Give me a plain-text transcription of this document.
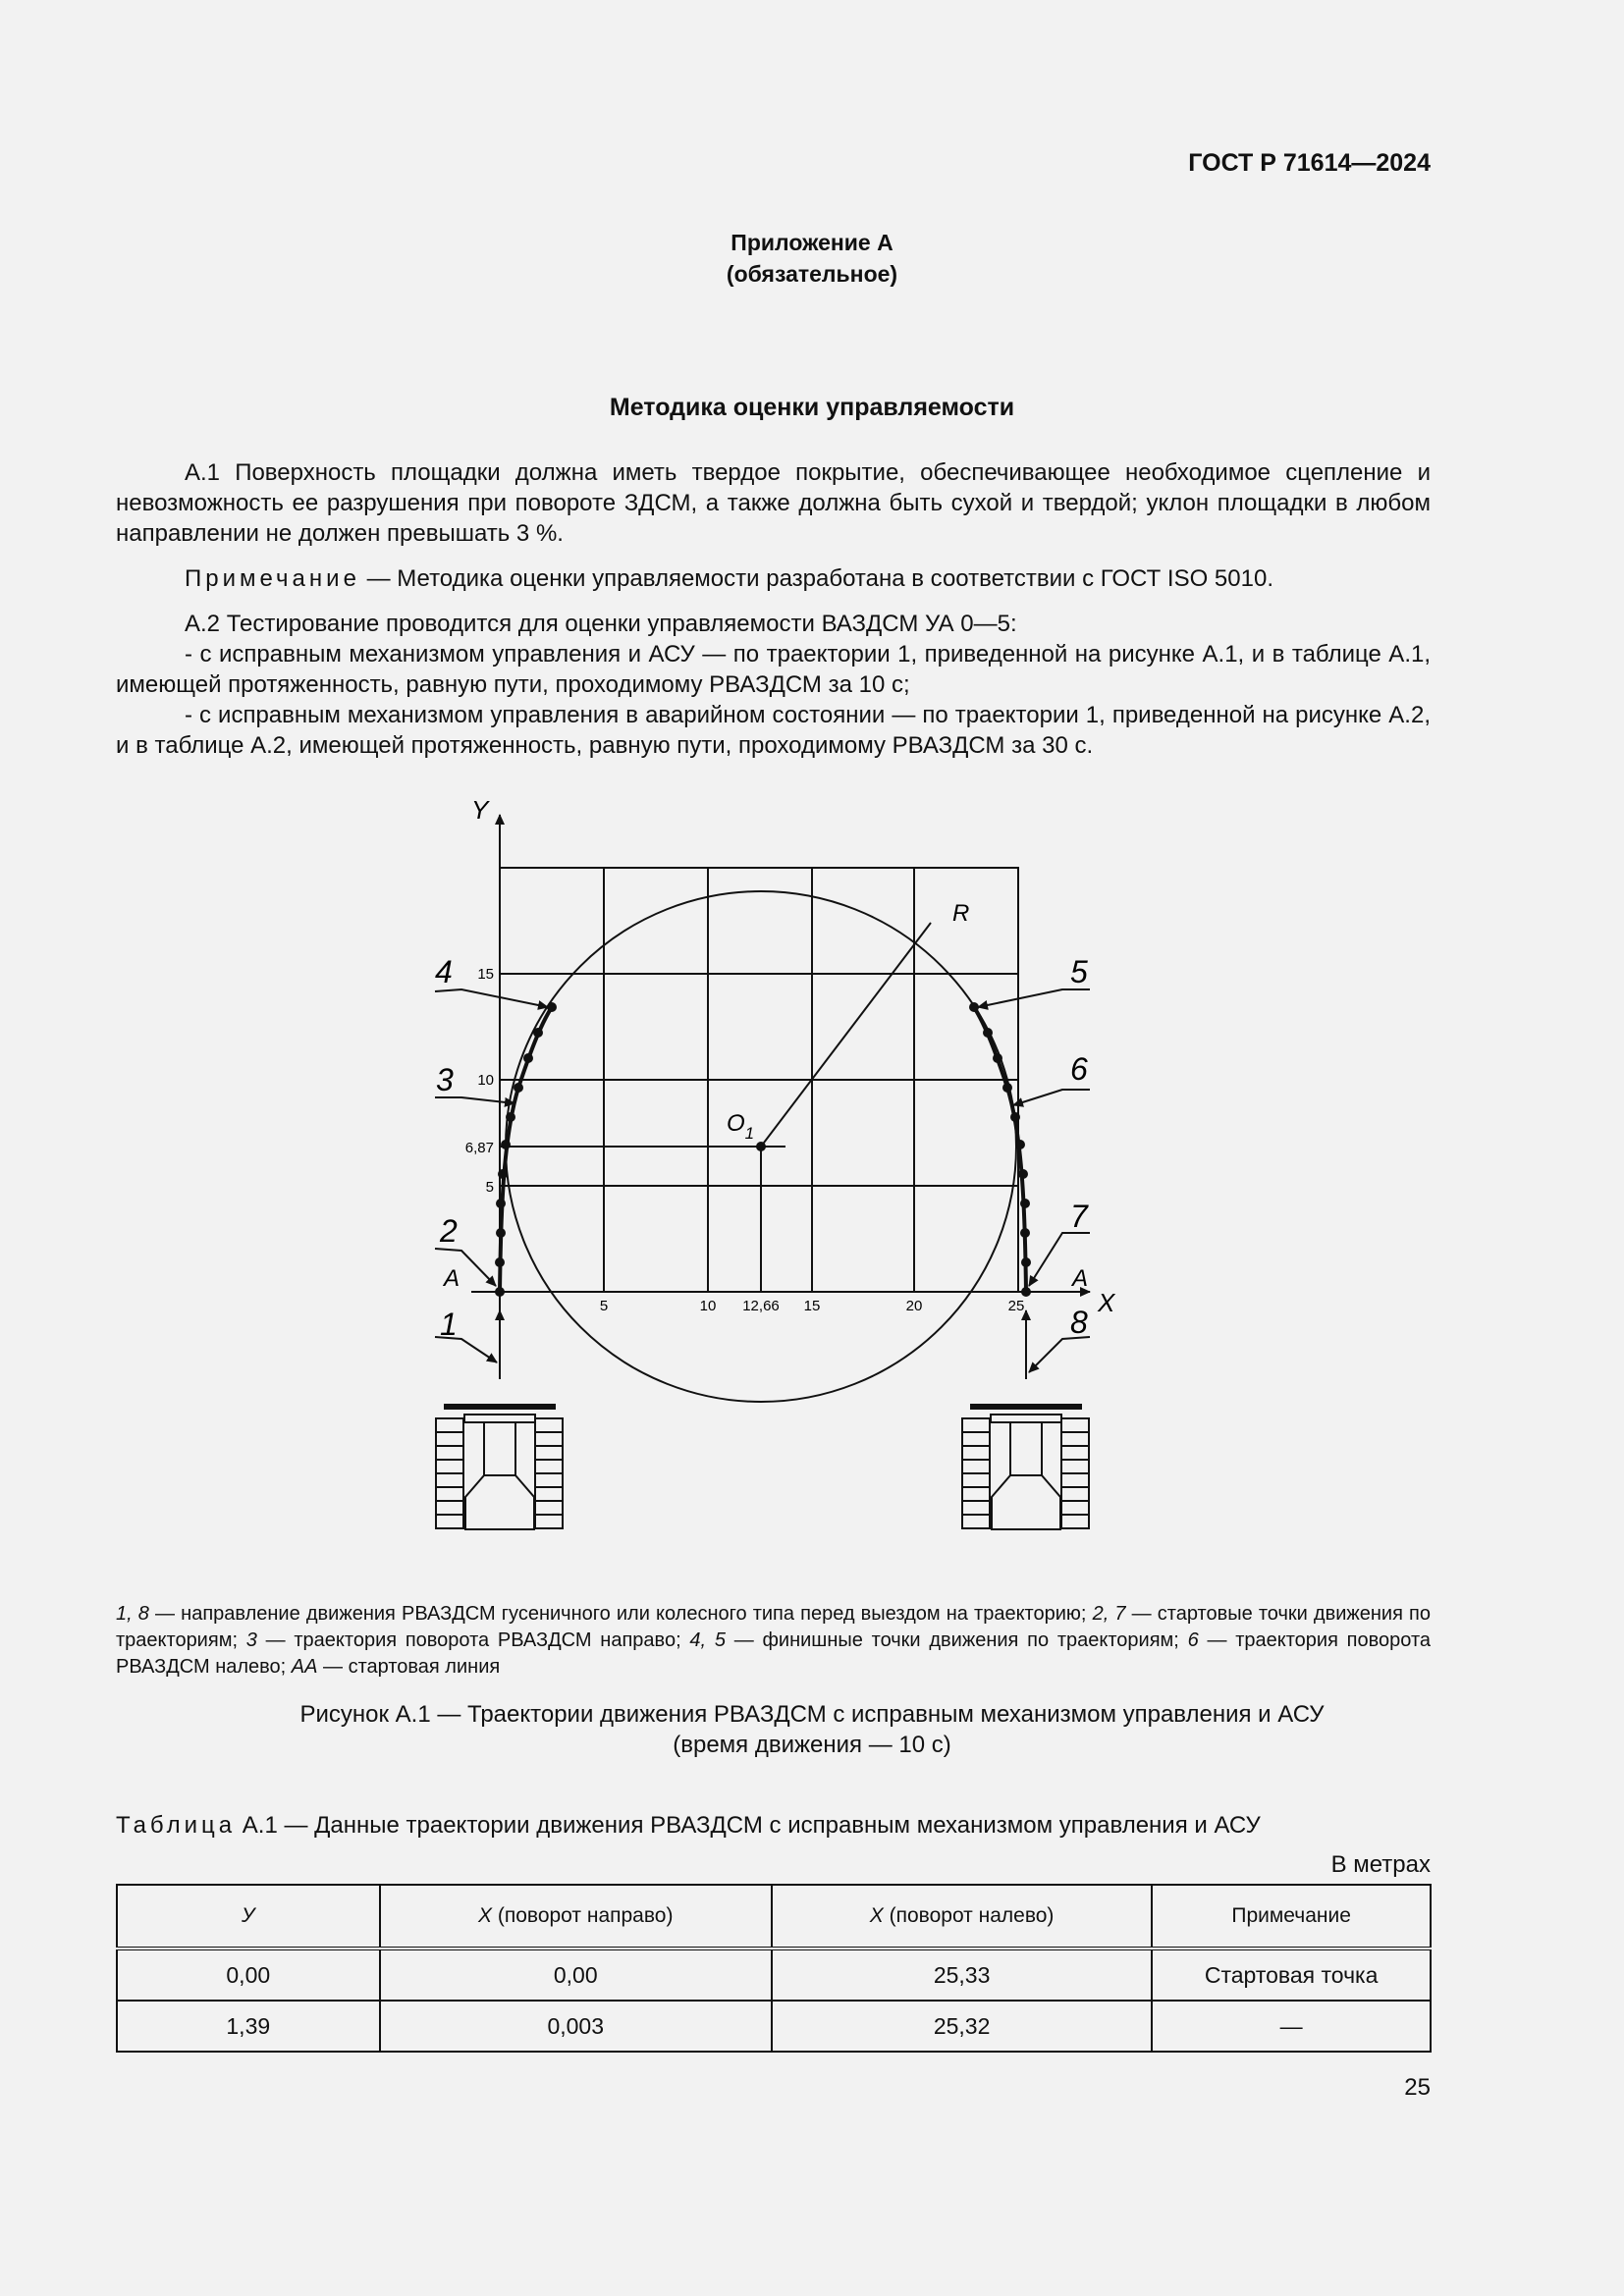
ГОСТ Р 71614—2024
Приложение А
(обязательное)
Методика оценки управляемости
А.1 Поверхность площадки должна иметь твердое покрытие, обеспечивающее необходимое сцепление и невозможность ее разрушения при повороте ЗДСМ, а также должна быть сухой и твердой; уклон площадки в любом направлении не должен превышать 3 %.
Примечание — Методика оценки управляемости разработана в соответствии с ГОСТ ISO 5010.
А.2 Тестирование проводится для оценки управляемости ВАЗДСМ УА 0—5:
- с исправным механизмом управления и АСУ — по траектории 1, приведенной на рисунке А.1, и в таблице А.1, имеющей протяженность, равную пути, проходимому РВАЗДСМ за 10 с;
- с исправным механизмом управления в аварийном состоянии — по траектории 1, приведенной на рисунке А.2, и в таблице А.2, имеющей протяженность, равную пути, проходимому РВАЗДСМ за 30 с.
Y
X
А	А
$O_1$
R
5	10 12,66 15	20	25
5
6,87
10
15
1
2
3
4	5
6
7
8
1, 8 — направление движения РВАЗДСМ гусеничного или колесного типа перед выездом на траекторию; 2, 7 — стартовые точки движения по траекториям; 3 — траектория поворота РВАЗДСМ направо; 4, 5 — финишные точки движения по траекториям; 6 — траектория поворота РВАЗДСМ налево; АА — стартовая линия
Рисунок А.1 — Траектории движения РВАЗДСМ с исправным механизмом управления и АСУ
(время движения — 10 с)
Таблица А.1 — Данные траектории движения РВАЗДСМ с исправным механизмом управления и АСУ
В метрах
У	X (поворот направо)	X (поворот налево)	Примечание
0,00	0,00	25,33	Стартовая точка
1,39	0,003	25,32	—
25
